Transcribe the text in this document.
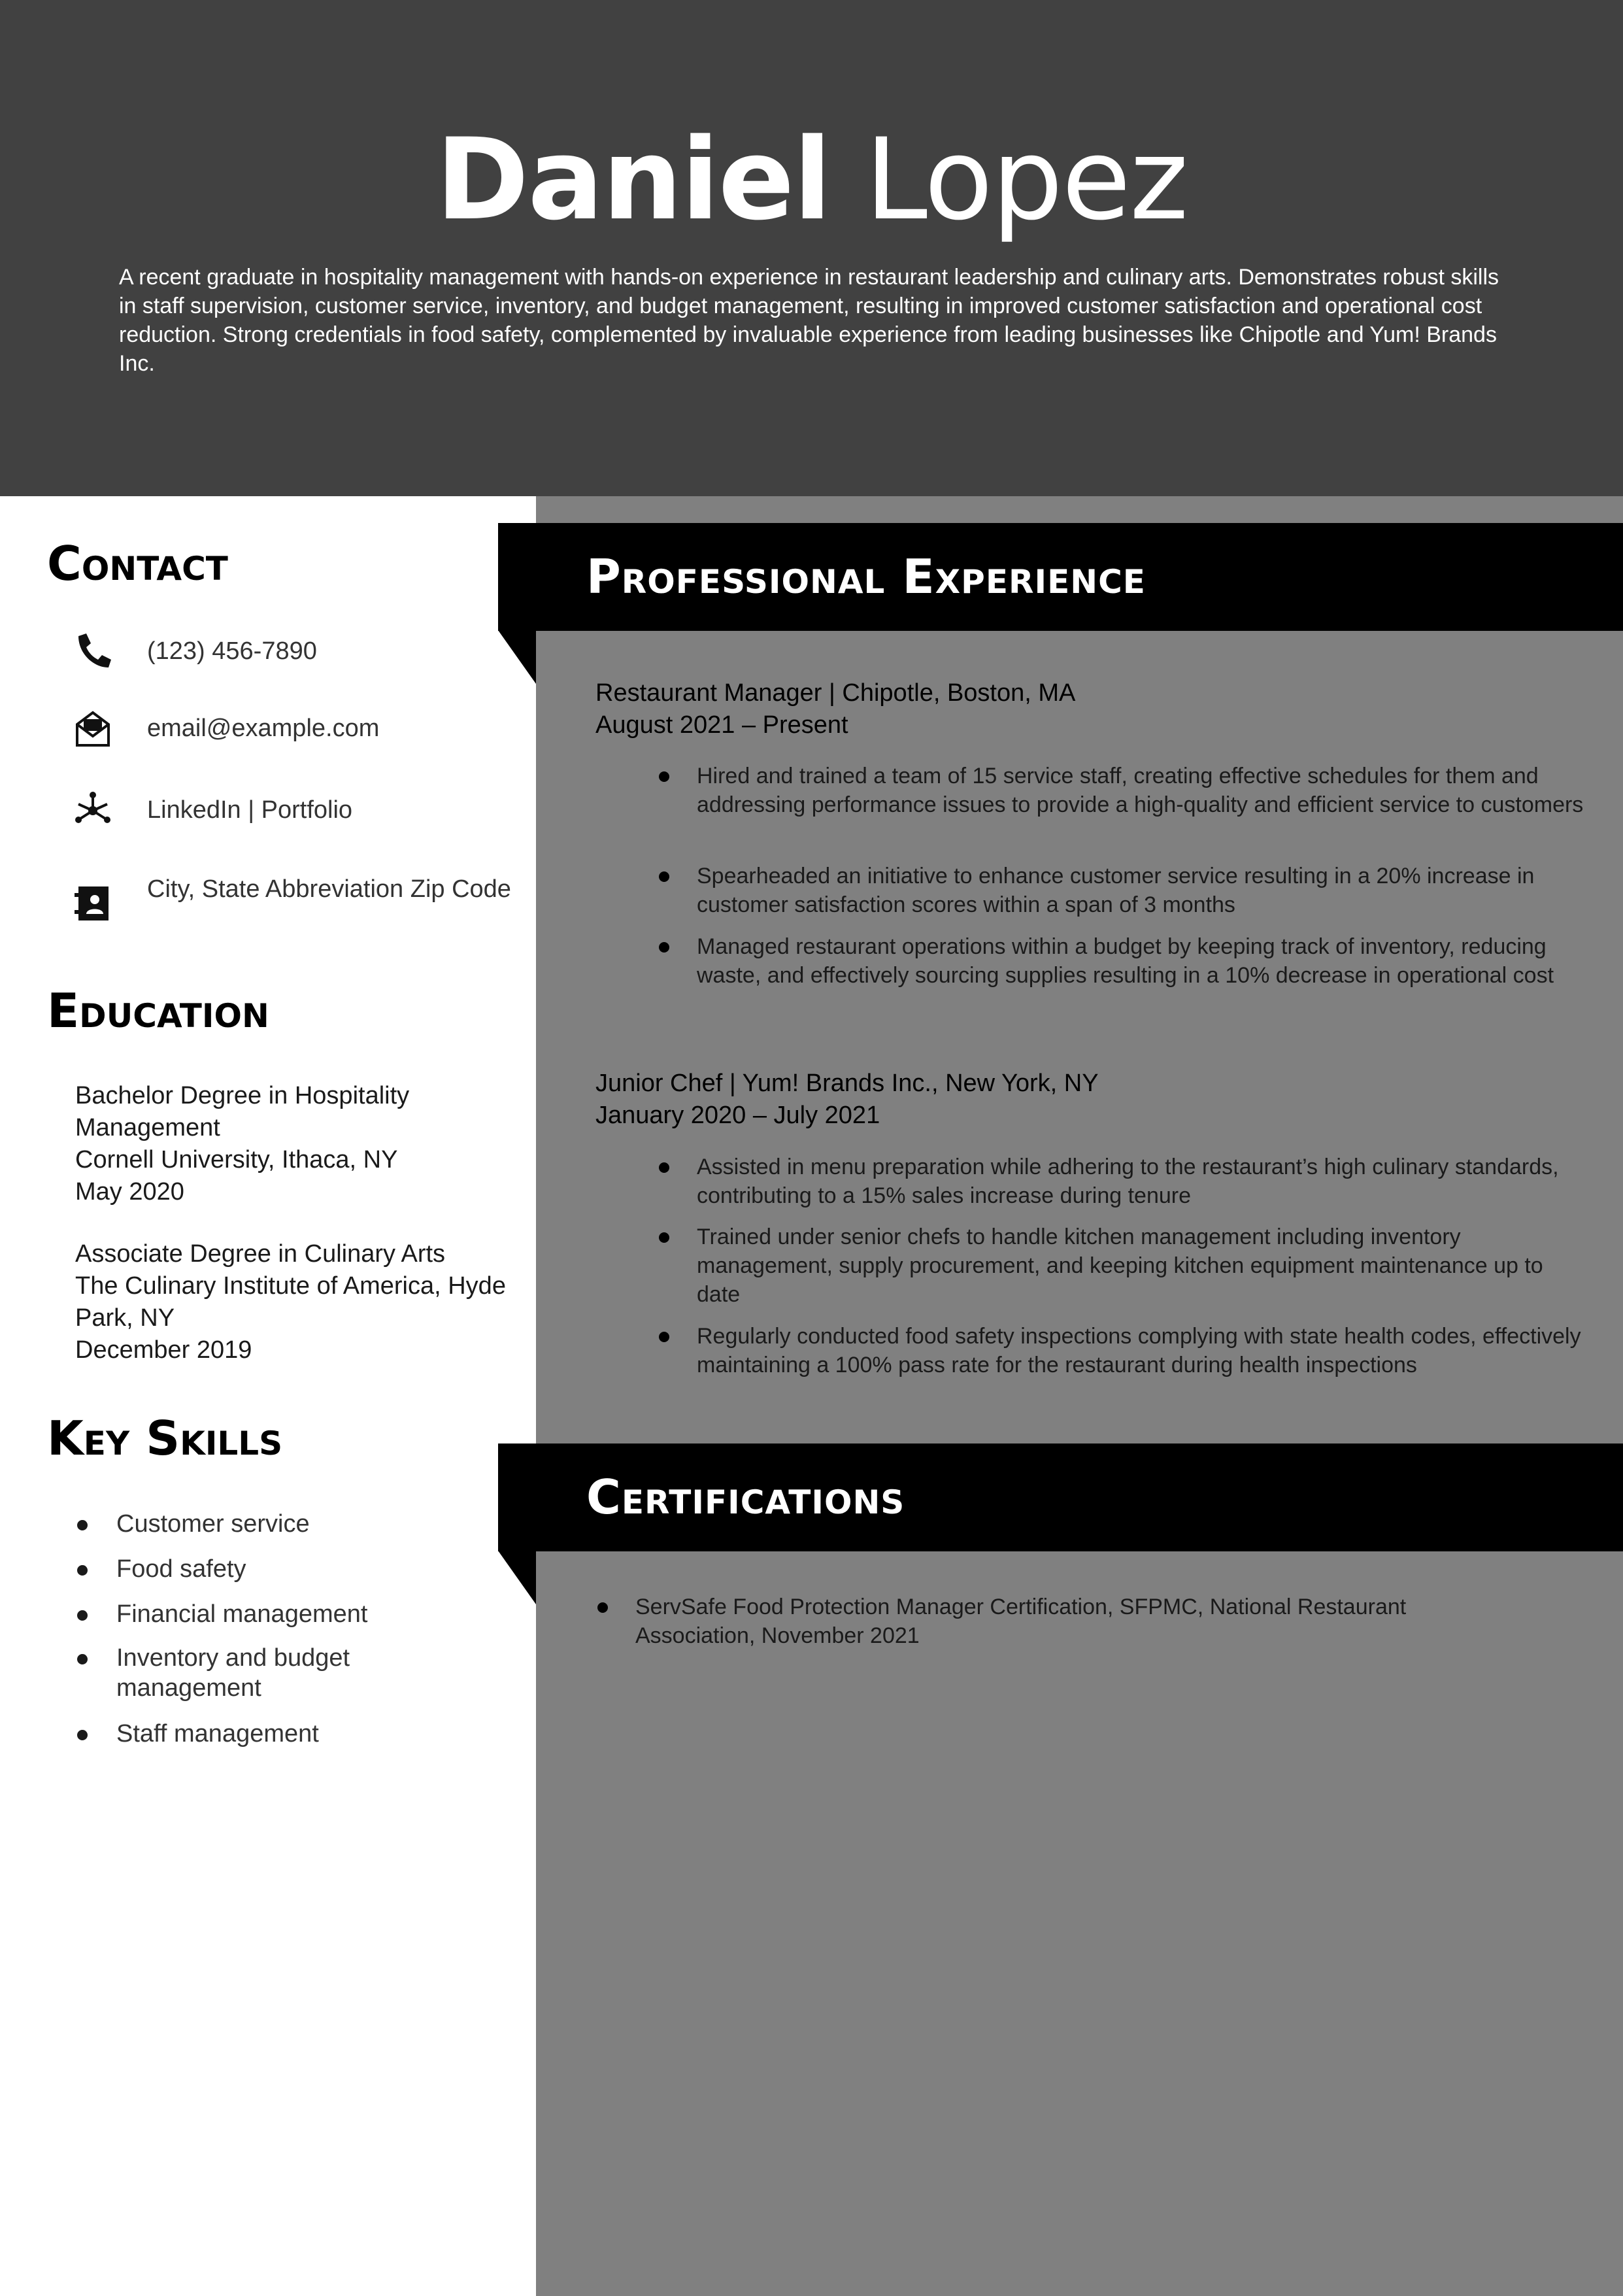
Daniel Lopez
A recent graduate in hospitality management with hands-on experience in restaurant leadership and culinary arts. Demonstrates robust skills in staff supervision, customer service, inventory, and budget management, resulting in improved customer satisfaction and operational cost reduction. Strong credentials in food safety, complemented by invaluable experience from leading businesses like Chipotle and Yum! Brands Inc.
Professional Experience
Certifications
Contact
(123) 456-7890
email@example.com
LinkedIn | Portfolio
City, State Abbreviation Zip Code
Education
Bachelor Degree in Hospitality Management
Cornell University, Ithaca, NY
May 2020
Associate Degree in Culinary Arts
The Culinary Institute of America, Hyde Park, NY
December 2019
Key Skills
Customer service
Food safety
Financial management
Inventory and budget management
Staff management
Restaurant Manager | Chipotle, Boston, MA
August 2021 – Present
Hired and trained a team of 15 service staff, creating effective schedules for them and addressing performance issues to provide a high-quality and efficient service to customers
Spearheaded an initiative to enhance customer service resulting in a 20% increase in customer satisfaction scores within a span of 3 months
Managed restaurant operations within a budget by keeping track of inventory, reducing waste, and effectively sourcing supplies resulting in a 10% decrease in operational cost
Junior Chef | Yum! Brands Inc., New York, NY
January 2020 – July 2021
Assisted in menu preparation while adhering to the restaurant’s high culinary standards, contributing to a 15% sales increase during tenure
Trained under senior chefs to handle kitchen management including inventory management, supply procurement, and keeping kitchen equipment maintenance up to date
Regularly conducted food safety inspections complying with state health codes, effectively maintaining a 100% pass rate for the restaurant during health inspections
ServSafe Food Protection Manager Certification, SFPMC, National Restaurant Association, November 2021
